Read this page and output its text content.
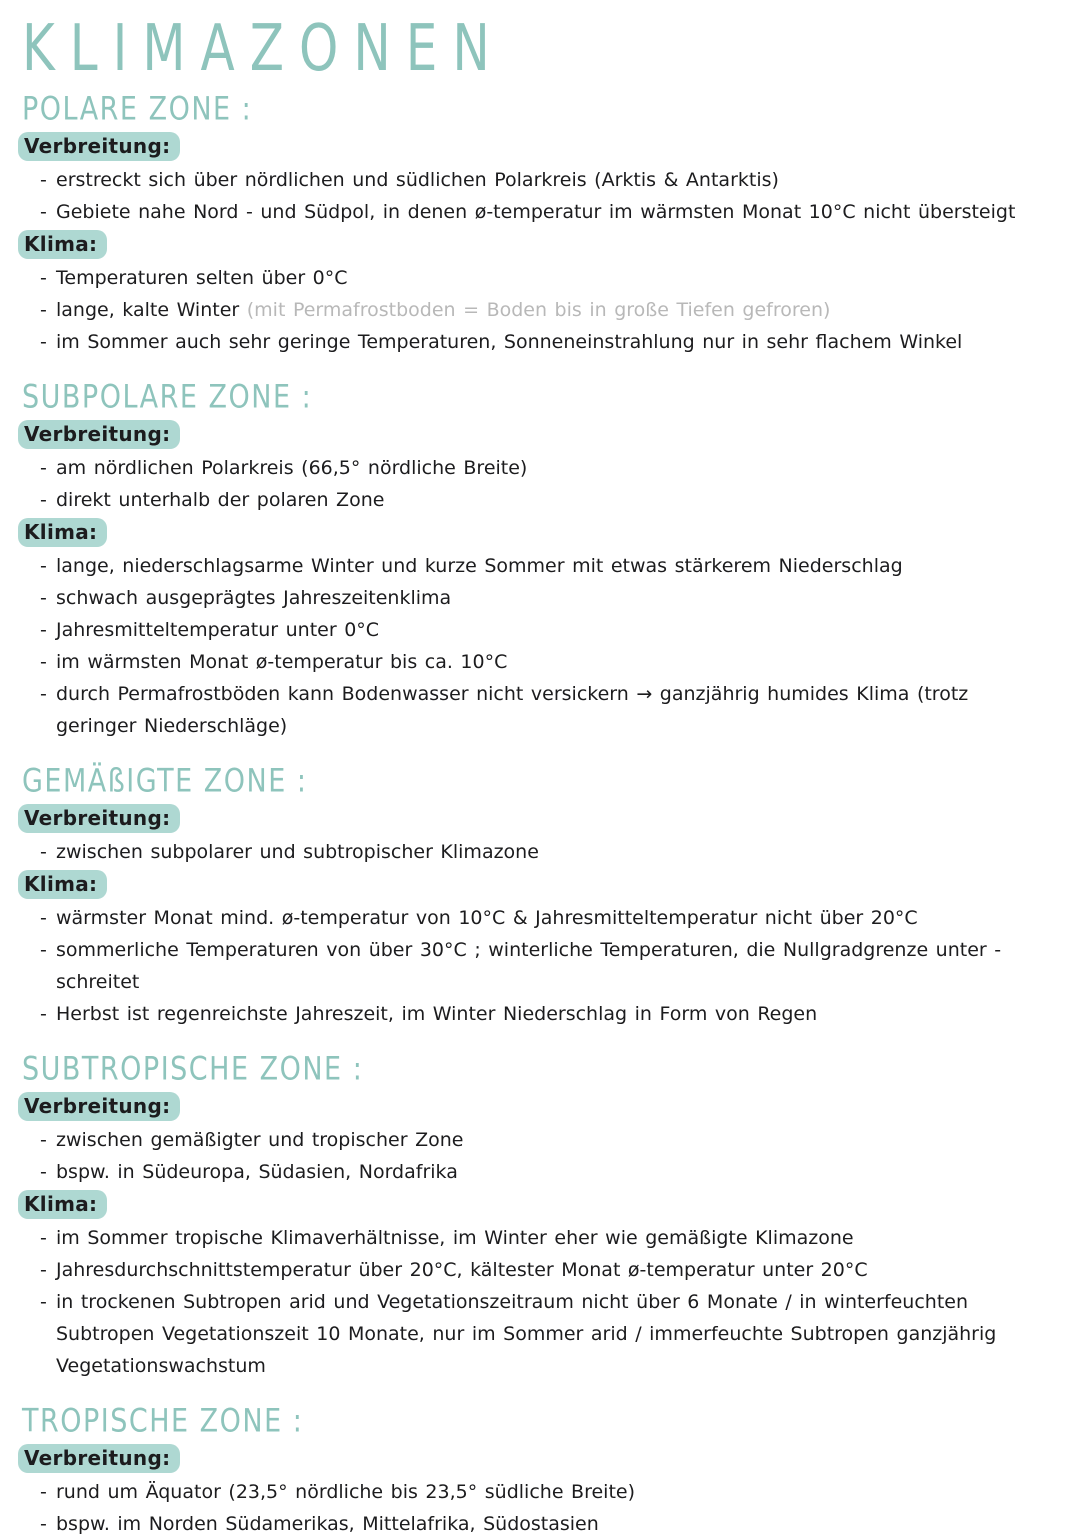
KLIMAZONEN
POLARE ZONE :
Verbreitung:
- erstreckt sich über nördlichen und südlichen Polarkreis (Arktis & Antarktis)
- Gebiete nahe Nord - und Südpol, in denen ø-temperatur im wärmsten Monat 10°C nicht übersteigt
Klima:
- Temperaturen selten über 0°C
- lange, kalte Winter (mit Permafrostboden = Boden bis in große Tiefen gefroren)
- im Sommer auch sehr geringe Temperaturen, Sonneneinstrahlung nur in sehr flachem Winkel
SUBPOLARE ZONE :
Verbreitung:
- am nördlichen Polarkreis (66,5° nördliche Breite)
- direkt unterhalb der polaren Zone
Klima:
- lange, niederschlagsarme Winter und kurze Sommer mit etwas stärkerem Niederschlag
- schwach ausgeprägtes Jahreszeitenklima
- Jahresmitteltemperatur unter 0°C
- im wärmsten Monat ø-temperatur bis ca. 10°C
- durch Permafrostböden kann Bodenwasser nicht versickern → ganzjährig humides Klima (trotz geringer Niederschläge)
GEMÄßIGTE ZONE :
Verbreitung:
- zwischen subpolarer und subtropischer Klimazone
Klima:
- wärmster Monat mind. ø-temperatur von 10°C & Jahresmitteltemperatur nicht über 20°C
- sommerliche Temperaturen von über 30°C ; winterliche Temperaturen, die Nullgradgrenze unter - schreitet
- Herbst ist regenreichste Jahreszeit, im Winter Niederschlag in Form von Regen
SUBTROPISCHE ZONE :
Verbreitung:
- zwischen gemäßigter und tropischer Zone
- bspw. in Südeuropa, Südasien, Nordafrika
Klima:
- im Sommer tropische Klimaverhältnisse, im Winter eher wie gemäßigte Klimazone
- Jahresdurchschnittstemperatur über 20°C, kältester Monat ø-temperatur unter 20°C
- in trockenen Subtropen arid und Vegetationszeitraum nicht über 6 Monate / in winterfeuchten Subtropen Vegetationszeit 10 Monate, nur im Sommer arid / immerfeuchte Subtropen ganzjährig Vegetationswachstum
TROPISCHE ZONE :
Verbreitung:
- rund um Äquator (23,5° nördliche bis 23,5° südliche Breite)
- bspw. im Norden Südamerikas, Mittelafrika, Südostasien
